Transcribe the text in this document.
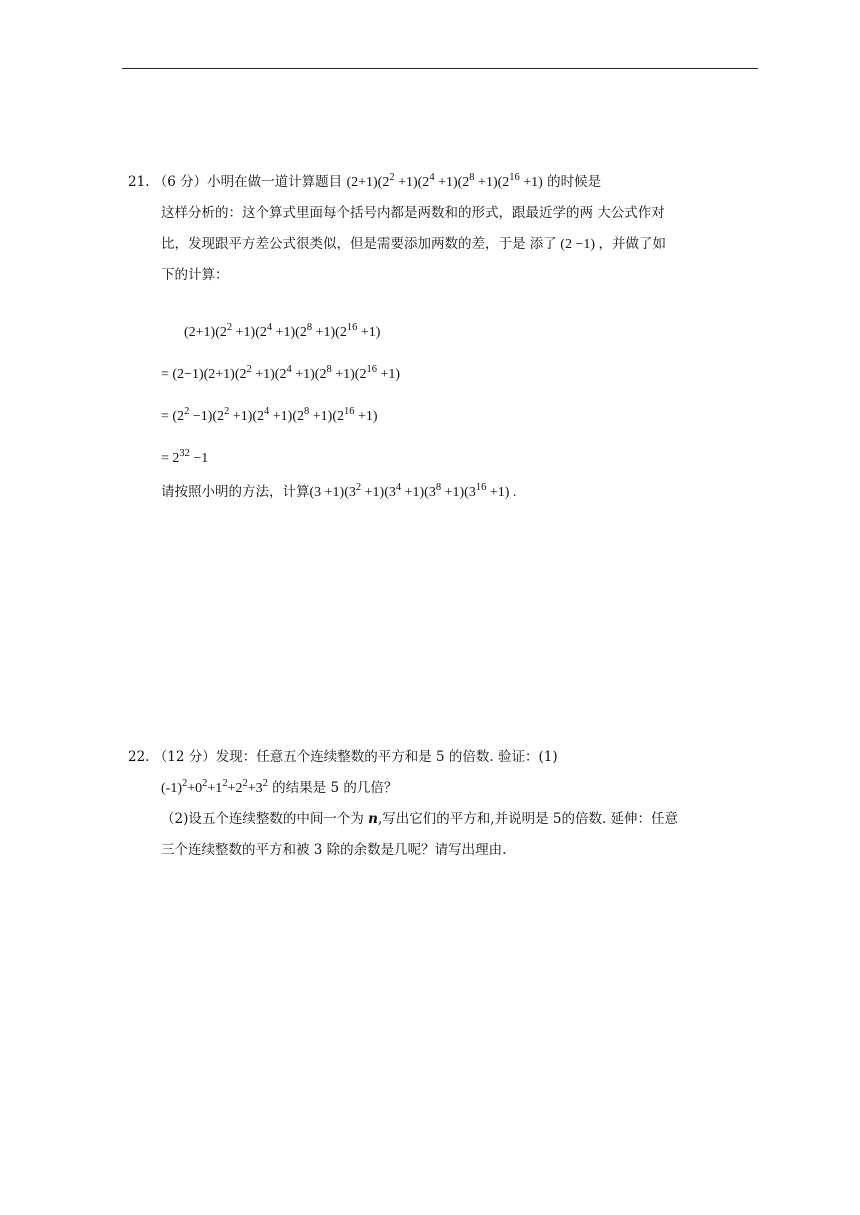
21. （6 分）小明在做一道计算题目 $(2+1)(2^2 +1)(2^4 +1)(2^8 +1)(2^{16} +1)$ 的时候是
这样分析的：这个算式里面每个括号内都是两数和的形式，跟最近学的两 大公式作对
比，发现跟平方差公式很类似，但是需要添加两数的差，于是 添了 (2 −1) ，并做了如
下的计算：
$(2+1)(2^2 +1)(2^4 +1)(2^8 +1)(2^{16} +1)$
= $(2-1)(2+1)(2^2 +1)(2^4 +1)(2^8 +1)(2^{16} +1)$
= $(2^2 -1)(2^2 +1)(2^4 +1)(2^8 +1)(2^{16} +1)$
= $2^{32} -1$
请按照小明的方法，计算$(3 +1)(3^2 +1)(3^4 +1)(3^8 +1)(3^{16} +1)$ .
22. （12 分）发现：任意五个连续整数的平方和是 5 的倍数. 验证：(1)
$(-1)^2+0^2+1^2+2^2+3^2$ 的结果是 5 的几倍？
（2)设五个连续整数的中间一个为 n,写出它们的平方和,并说明是 5的倍数. 延伸：任意
三个连续整数的平方和被 3 除的余数是几呢？请写出理由.
